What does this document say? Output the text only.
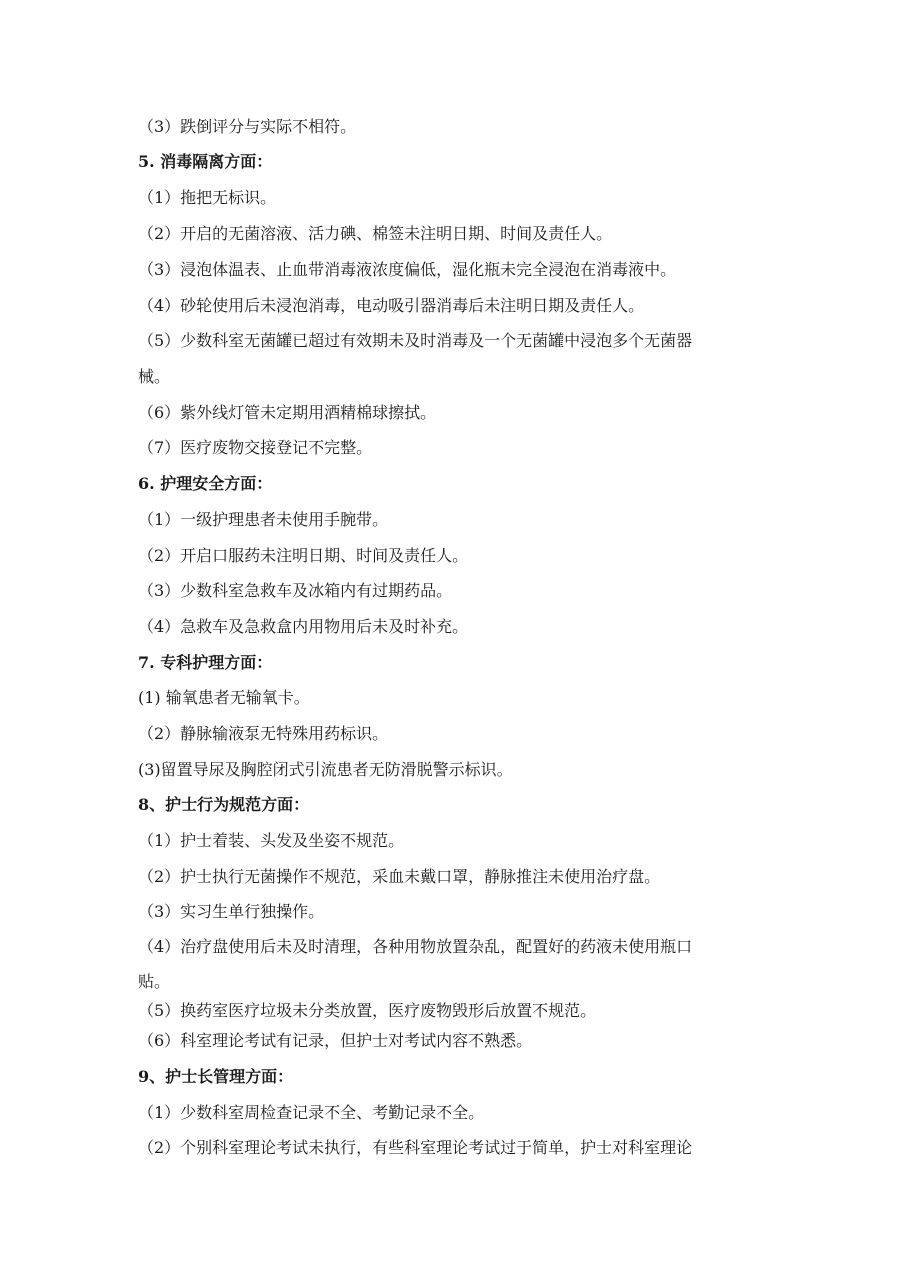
（3）跌倒评分与实际不相符。
5. 消毒隔离方面：
（1）拖把无标识。
（2）开启的无菌溶液、活力碘、棉签未注明日期、时间及责任人。
（3）浸泡体温表、止血带消毒液浓度偏低，湿化瓶未完全浸泡在消毒液中。
（4）砂轮使用后未浸泡消毒，电动吸引器消毒后未注明日期及责任人。
（5）少数科室无菌罐已超过有效期未及时消毒及一个无菌罐中浸泡多个无菌器
械。
（6）紫外线灯管未定期用酒精棉球擦拭。
（7）医疗废物交接登记不完整。
6. 护理安全方面：
（1）一级护理患者未使用手腕带。
（2）开启口服药未注明日期、时间及责任人。
（3）少数科室急救车及冰箱内有过期药品。
（4）急救车及急救盒内用物用后未及时补充。
7. 专科护理方面：
(1) 输氧患者无输氧卡。
（2）静脉输液泵无特殊用药标识。
(3)留置导尿及胸腔闭式引流患者无防滑脱警示标识。
8、护士行为规范方面：
（1）护士着装、头发及坐姿不规范。
（2）护士执行无菌操作不规范，采血未戴口罩，静脉推注未使用治疗盘。
（3）实习生单行独操作。
（4）治疗盘使用后未及时清理，各种用物放置杂乱，配置好的药液未使用瓶口
贴。
（5）换药室医疗垃圾未分类放置，医疗废物毁形后放置不规范。
（6）科室理论考试有记录，但护士对考试内容不熟悉。
9、护士长管理方面：
（1）少数科室周检查记录不全、考勤记录不全。
（2）个别科室理论考试未执行，有些科室理论考试过于简单，护士对科室理论
